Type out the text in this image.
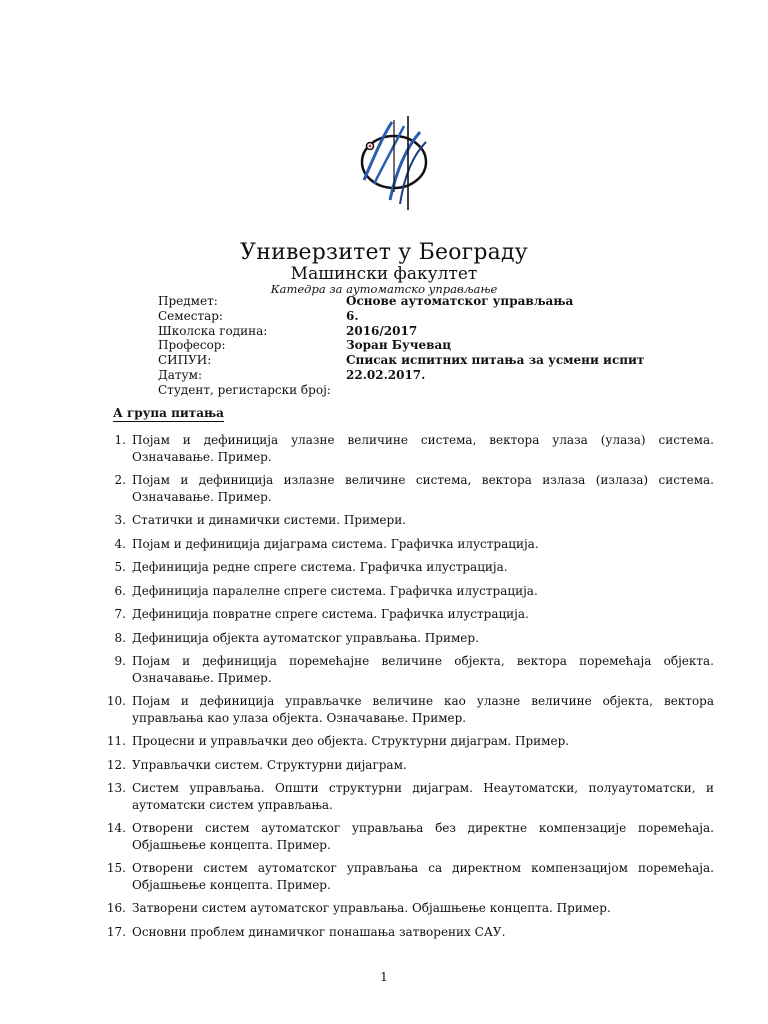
Универзитет у Београду
Машински факултет
Катедра за аутоматско управљање
Предмет:	Основе аутоматског управљања
Семестар:	6.
Школска година:	2016/2017
Професор:	Зоран Бучевац
СИПУИ:	Списак испитних питања за усмени испит
Датум:	22.02.2017.
Студент, регистарски број:
А група питања
1. Појам и дефиниција улазне величине система, вектора улаза (улаза) система. Означавање. Пример.
2. Појам и дефиниција излазне величине система, вектора излаза (излаза) система. Означавање. Пример.
3. Статички и динамички системи. Примери.
4. Појам и дефиниција дијаграма система. Графичка илустрација.
5. Дефиниција редне спреге система. Графичка илустрација.
6. Дефиниција паралелне спреге система. Графичка илустрација.
7. Дефиниција повратне спреге система. Графичка илустрација.
8. Дефиниција објекта аутоматског управљања. Пример.
9. Појам и дефиниција поремећајне величине објекта, вектора поремећаја објекта. Означавање. Пример.
10. Појам и дефиниција управљачке величине као улазне величине објекта, вектора управљања као улаза објекта. Означавање. Пример.
11. Процесни и управљачки део објекта. Структурни дијаграм. Пример.
12. Управљачки систем. Структурни дијаграм.
13. Систем управљања. Општи структурни дијаграм. Неаутоматски, полуаутоматски, и аутоматски систем управљања.
14. Отворени систем аутоматског управљања без директне компензације поремећаја. Објашњење концепта. Пример.
15. Отворени систем аутоматског управљања са директном компензацијом поремећаја. Објашњење концепта. Пример.
16. Затворени систем аутоматског управљања. Објашњење концепта. Пример.
17. Основни проблем динамичког понашања затворених САУ.
1
